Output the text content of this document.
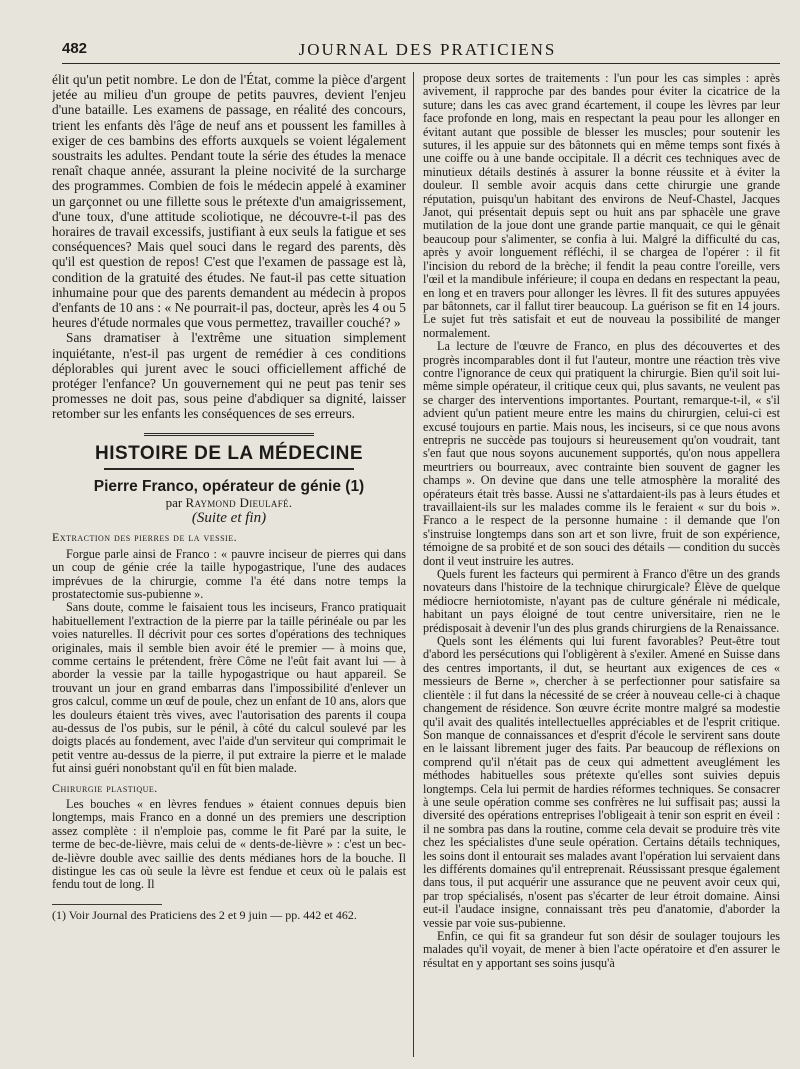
482	JOURNAL DES PRATICIENS

élit qu'un petit nombre. Le don de l'État, comme la pièce d'argent jetée au milieu d'un groupe de petits pauvres, devient l'enjeu d'une bataille. Les examens de passage, en réalité des concours, trient les enfants dès l'âge de neuf ans et poussent les familles à exiger de ces bambins des efforts auxquels se voient légalement soustraits les adultes. Pendant toute la série des études la menace renaît chaque année, assurant la pleine nocivité de la surcharge des programmes. Combien de fois le médecin appelé à examiner un garçonnet ou une fillette sous le prétexte d'un amaigrissement, d'une toux, d'une attitude scoliotique, ne découvre-t-il pas des horaires de travail excessifs, justifiant à eux seuls la fatigue et ses conséquences? Mais quel souci dans le regard des parents, dès qu'il est question de repos! C'est que l'examen de passage est là, condition de la gratuité des études. Ne faut-il pas cette situation inhumaine pour que des parents demandent au médecin à propos d'enfants de 10 ans : « Ne pourrait-il pas, docteur, après les 4 ou 5 heures d'étude normales que vous permettez, travailler couché? »

Sans dramatiser à l'extrême une situation simplement inquiétante, n'est-il pas urgent de remédier à ces conditions déplorables qui jurent avec le souci officiellement affiché de protéger l'enfance? Un gouvernement qui ne peut pas tenir ses promesses ne doit pas, sous peine d'abdiquer sa dignité, laisser retomber sur les enfants les conséquences de ses erreurs.

HISTOIRE DE LA MÉDECINE
Pierre Franco, opérateur de génie (1)
par Raymond Dieulafé.
(Suite et fin)

Extraction des pierres de la vessie.

Forgue parle ainsi de Franco : « pauvre inciseur de pierres qui dans un coup de génie crée la taille hypogastrique, l'une des audaces imprévues de la chirurgie, comme l'a été dans notre temps la prostatectomie sus-pubienne ».

Sans doute, comme le faisaient tous les inciseurs, Franco pratiquait habituellement l'extraction de la pierre par la taille périnéale ou par les voies naturelles. Il décrivit pour ces sortes d'opérations des techniques originales, mais il semble bien avoir été le premier — à moins que, comme certains le prétendent, frère Côme ne l'eût fait avant lui — à aborder la vessie par la taille hypogastrique ou haut appareil. Se trouvant un jour en grand embarras dans l'impossibilité d'enlever un gros calcul, comme un œuf de poule, chez un enfant de 10 ans, alors que les douleurs étaient très vives, avec l'autorisation des parents il coupa au-dessus de l'os pubis, sur le pénil, à côté du calcul soulevé par les doigts placés au fondement, avec l'aide d'un serviteur qui comprimait le petit ventre au-dessus de la pierre, il put extraire la pierre et le malade fut ainsi guéri nonobstant qu'il en fût bien malade.

Chirurgie plastique.

Les bouches « en lèvres fendues » étaient connues depuis bien longtemps, mais Franco en a donné un des premiers une description assez complète : il n'emploie pas, comme le fit Paré par la suite, le terme de bec-de-lièvre, mais celui de « dents-de-lièvre » : c'est un bec-de-lièvre double avec saillie des dents médianes hors de la bouche. Il distingue les cas où seule la lèvre est fendue et ceux où le palais est fendu tout de long. Il

(1) Voir Journal des Praticiens des 2 et 9 juin — pp. 442 et 462.

propose deux sortes de traitements : l'un pour les cas simples : après avivement, il rapproche par des bandes pour éviter la cicatrice de la suture; dans les cas avec grand écartement, il coupe les lèvres par leur face profonde en long, mais en respectant la peau pour les allonger en évitant autant que possible de blesser les muscles; pour soutenir les sutures, il les appuie sur des bâtonnets qui en même temps sont fixés à une coiffe ou à une bande occipitale. Il a décrit ces techniques avec de minutieux détails destinés à assurer la bonne réussite et à éviter la douleur. Il semble avoir acquis dans cette chirurgie une grande réputation, puisqu'un habitant des environs de Neuf-Chastel, Jacques Janot, qui présentait depuis sept ou huit ans par sphacèle une grave mutilation de la joue dont une grande partie manquait, ce qui le gênait beaucoup pour s'alimenter, se confia à lui. Malgré la difficulté du cas, après y avoir longuement réfléchi, il se chargea de l'opérer : il fit l'incision du rebord de la brèche; il fendit la peau contre l'oreille, vers l'œil et la mandibule inférieure; il coupa en dedans en respectant la peau, en long et en travers pour allonger les lèvres. Il fit des sutures appuyées par bâtonnets, car il fallut tirer beaucoup. La guérison se fit en 14 jours. Le sujet fut très satisfait et eut de nouveau la possibilité de manger normalement.

La lecture de l'œuvre de Franco, en plus des découvertes et des progrès incomparables dont il fut l'auteur, montre une réaction très vive contre l'ignorance de ceux qui pratiquent la chirurgie. Bien qu'il soit lui-même simple opérateur, il critique ceux qui, plus savants, ne veulent pas se charger des interventions importantes. Pourtant, remarque-t-il, « s'il advient qu'un patient meure entre les mains du chirurgien, celui-ci est excusé toujours en partie. Mais nous, les inciseurs, si ce que nous avons entrepris ne succède pas toujours si heureusement qu'on voudrait, tant s'en faut que nous soyons aucunement supportés, qu'on nous appellera meurtriers ou bourreaux, avec contrainte bien souvent de gagner les champs ». On devine que dans une telle atmosphère la moralité des opérateurs était très basse. Aussi ne s'attardaient-ils pas à leurs études et travaillaient-ils sur les malades comme ils le feraient « sur du bois ». Franco a le respect de la personne humaine : il demande que l'on s'instruise longtemps dans son art et son livre, fruit de son expérience, témoigne de sa probité et de son souci des détails — condition du succès dont il veut instruire les autres.

Quels furent les facteurs qui permirent à Franco d'être un des grands novateurs dans l'histoire de la technique chirurgicale? Élève de quelque médiocre herniotomiste, n'ayant pas de culture générale ni médicale, habitant un pays éloigné de tout centre universitaire, rien ne le prédisposait à devenir l'un des plus grands chirurgiens de la Renaissance.

Quels sont les éléments qui lui furent favorables? Peut-être tout d'abord les persécutions qui l'obligèrent à s'exiler. Amené en Suisse dans des centres importants, il dut, se heurtant aux exigences de ces « messieurs de Berne », chercher à se perfectionner pour satisfaire sa clientèle : il fut dans la nécessité de se créer à nouveau celle-ci à chaque changement de résidence. Son œuvre écrite montre malgré sa modestie qu'il avait des qualités intellectuelles appréciables et de l'esprit critique. Son manque de connaissances et d'esprit d'école le servirent sans doute en le laissant librement juger des faits. Par beaucoup de réflexions on comprend qu'il n'était pas de ceux qui admettent aveuglément les méthodes habituelles sous prétexte qu'elles sont suivies depuis longtemps. Cela lui permit de hardies réformes techniques. Se consacrer à une seule opération comme ses confrères ne lui suffisait pas; aussi la diversité des opérations entreprises l'obligeait à tenir son esprit en éveil : il ne sombra pas dans la routine, comme cela devait se produire très vite chez les spécialistes d'une seule opération. Certains détails techniques, les soins dont il entourait ses malades avant l'opération lui servaient dans les différents domaines qu'il entreprenait. Réussissant presque également dans tous, il put acquérir une assurance que ne peuvent avoir ceux qui, par trop spécialisés, n'osent pas s'écarter de leur étroit domaine. Ainsi eut-il l'audace insigne, connaissant très peu d'anatomie, d'aborder la vessie par voie sus-pubienne.

Enfin, ce qui fit sa grandeur fut son désir de soulager toujours les malades qu'il voyait, de mener à bien l'acte opératoire et d'en assurer le résultat en y apportant ses soins jusqu'à
